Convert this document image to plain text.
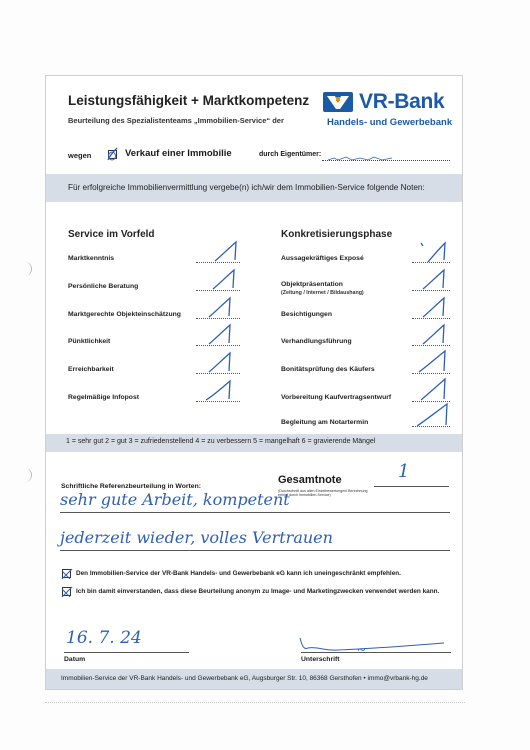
Leistungsfähigkeit + Marktkompetenz
Beurteilung des Spezialistenteams „Immobilien-Service“ der
VR-Bank
Handels- und Gewerbebank
wegen	Verkauf einer Immobilie	durch Eigentümer:
Für erfolgreiche Immobilienvermittlung vergebe(n) ich/wir dem Immobilien-Service folgende Noten:
Service im Vorfeld
Marktkenntnis
Persönliche Beratung
Marktgerechte Objekteinschätzung
Pünktlichkeit
Erreichbarkeit
Regelmäßige Infopost
Konkretisierungsphase
Aussagekräftiges Exposé
Objektpräsentation
(Zeitung / Internet / Bildaushang)
Besichtigungen
Verhandlungsführung
Bonitätsprüfung des Käufers
Vorbereitung Kaufvertragsentwurf
Begleitung am Notartermin
1 = sehr gut 2 = gut 3 = zufriedenstellend 4 = zu verbessern 5 = mangelhaft 6 = gravierende Mängel
Gesamtnote
(Durchschnitt aus allen Einzelbewertungen/ Berechnung erfolgt durch Immobilien-Service)
1
Schriftliche Referenzbeurteilung in Worten:
sehr gute Arbeit, kompetent
jederzeit wieder, volles Vertrauen
Den Immobilien-Service der VR-Bank Handels- und Gewerbebank eG kann ich uneingeschränkt empfehlen.
Ich bin damit einverstanden, dass diese Beurteilung anonym zu Image- und Marketingzwecken verwendet werden kann.
16. 7. 24
Datum	Unterschrift
Immobilien-Service der VR-Bank Handels- und Gewerbebank eG, Augsburger Str. 10, 86368 Gersthofen • immo@vrbank-hg.de
